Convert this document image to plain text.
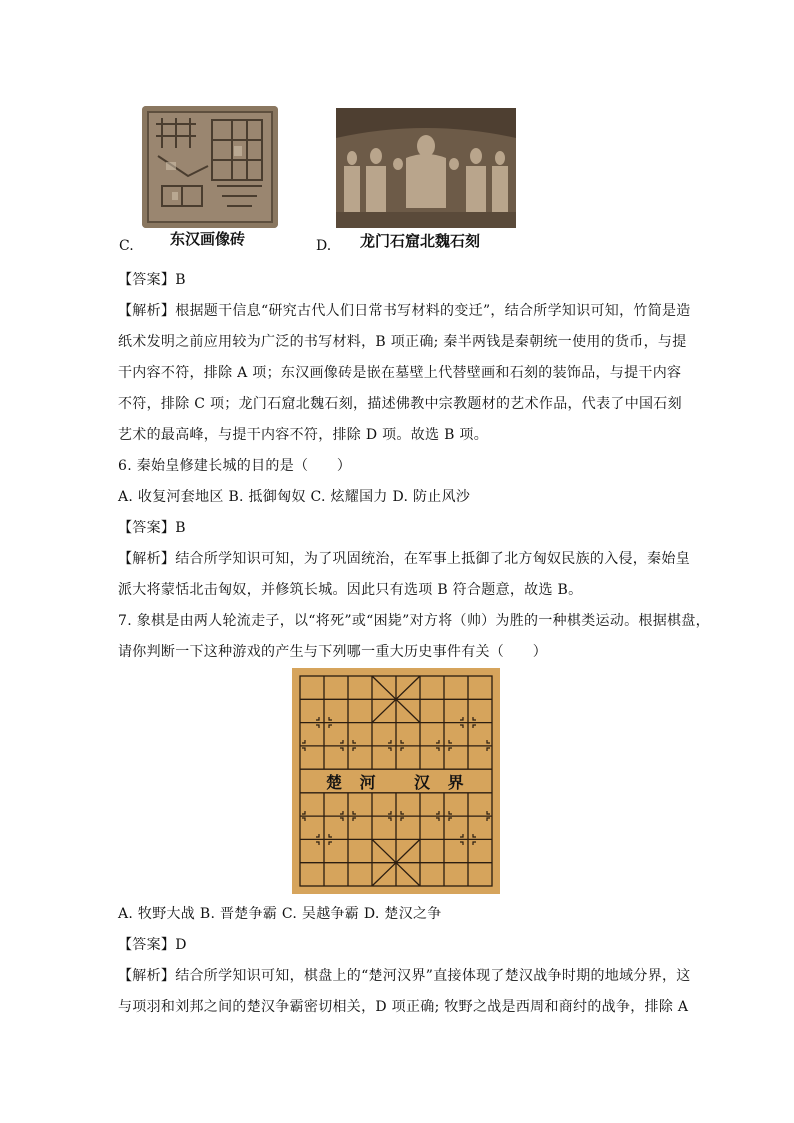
C. 东汉画像砖	D. 龙门石窟北魏石刻
【答案】B
【解析】根据题干信息“研究古代人们日常书写材料的变迁”，结合所学知识可知，竹简是造
纸术发明之前应用较为广泛的书写材料，B 项正确; 秦半两钱是秦朝统一使用的货币，与提
干内容不符，排除 A 项；东汉画像砖是嵌在墓壁上代替壁画和石刻的装饰品，与提干内容
不符，排除 C 项；龙门石窟北魏石刻，描述佛教中宗教题材的艺术作品，代表了中国石刻
艺术的最高峰，与提干内容不符，排除 D 项。故选 B 项。
6. 秦始皇修建长城的目的是（　　）
A. 收复河套地区 B. 抵御匈奴 C. 炫耀国力 D. 防止风沙
【答案】B
【解析】结合所学知识可知，为了巩固统治，在军事上抵御了北方匈奴民族的入侵，秦始皇
派大将蒙恬北击匈奴，并修筑长城。因此只有选项 B 符合题意，故选 B。
7. 象棋是由两人轮流走子，以“将死”或“困毙”对方将（帅）为胜的一种棋类运动。根据棋盘，
请你判断一下这种游戏的产生与下列哪一重大历史事件有关（　　）
楚 河 汉 界
A. 牧野大战 B. 晋楚争霸 C. 吴越争霸 D. 楚汉之争
【答案】D
【解析】结合所学知识可知，棋盘上的“楚河汉界”直接体现了楚汉战争时期的地域分界，这
与项羽和刘邦之间的楚汉争霸密切相关，D 项正确; 牧野之战是西周和商纣的战争，排除 A
